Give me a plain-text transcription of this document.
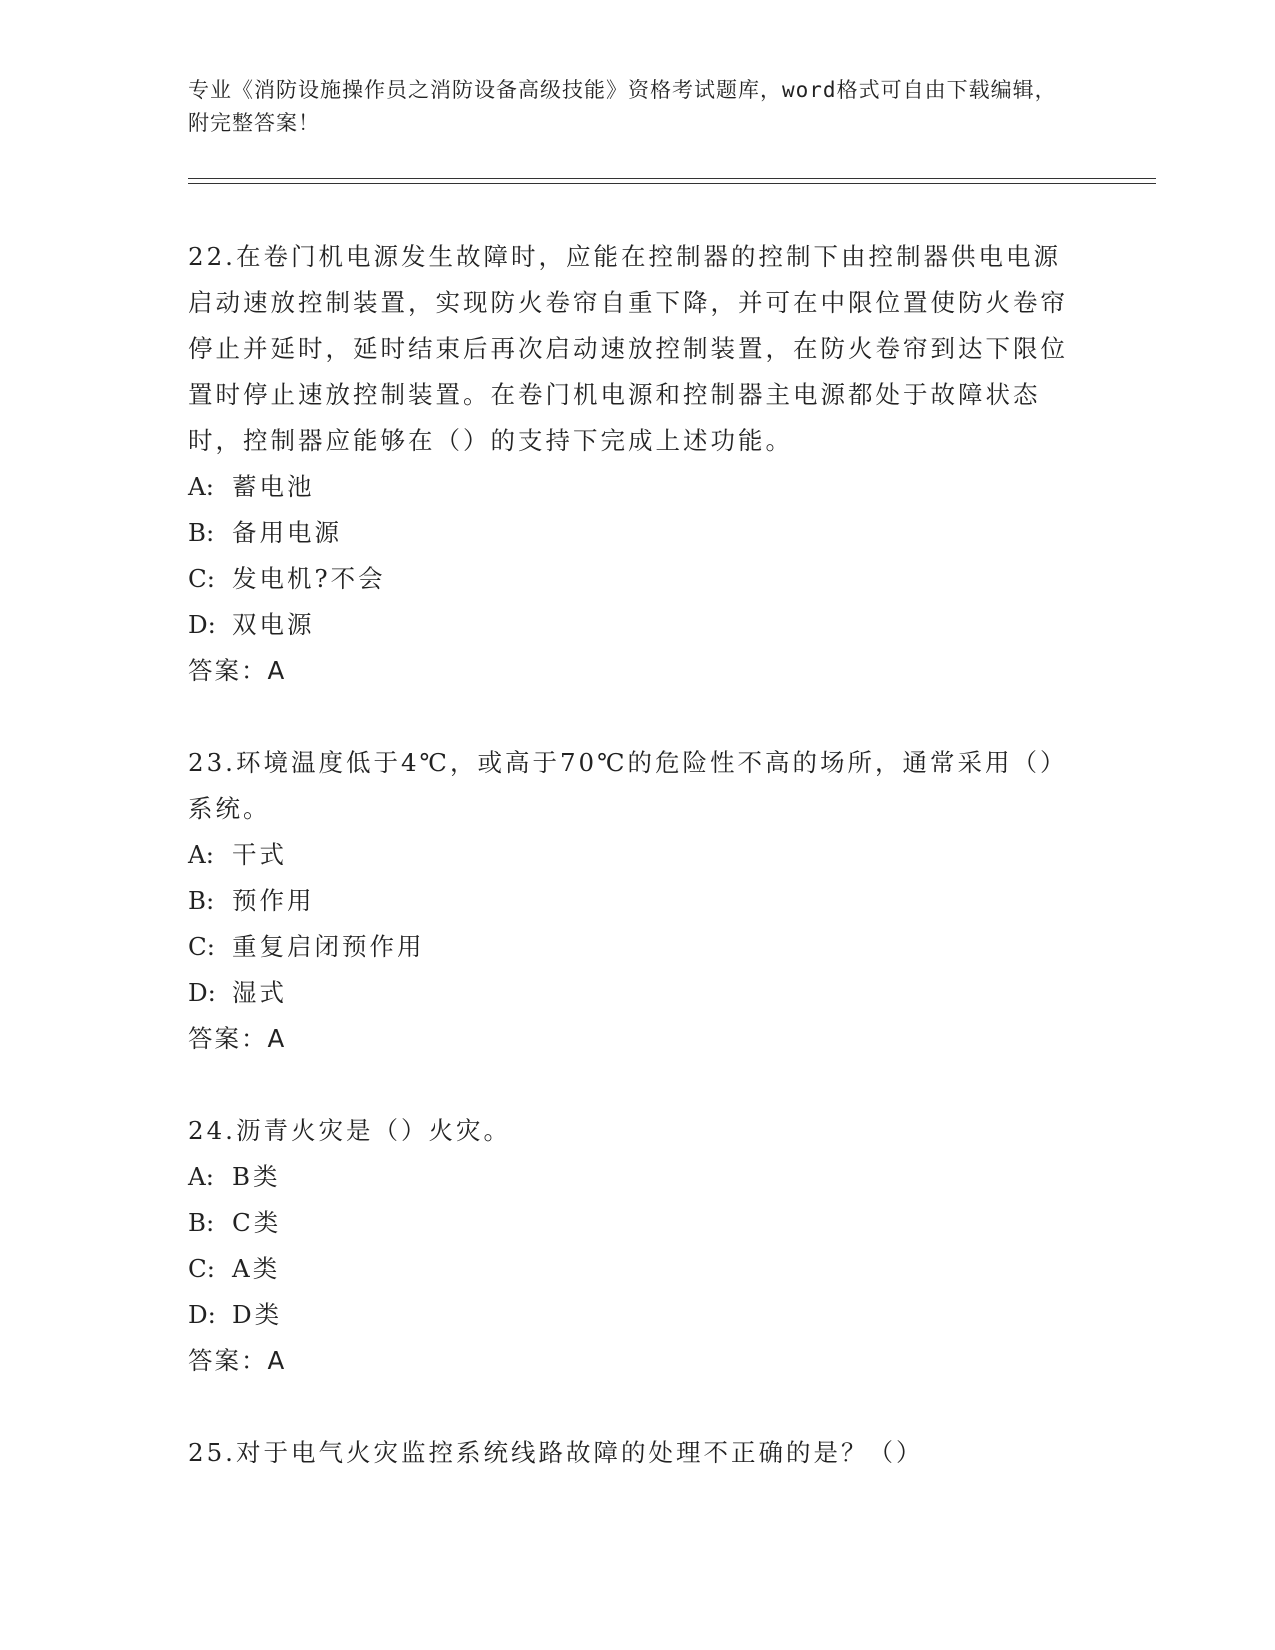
专业《消防设施操作员之消防设备高级技能》资格考试题库，word格式可自由下载编辑，附完整答案！

22.在卷门机电源发生故障时，应能在控制器的控制下由控制器供电电源启动速放控制装置，实现防火卷帘自重下降，并可在中限位置使防火卷帘停止并延时，延时结束后再次启动速放控制装置，在防火卷帘到达下限位置时停止速放控制装置。在卷门机电源和控制器主电源都处于故障状态时，控制器应能够在（）的支持下完成上述功能。

A: 蓄电池

B: 备用电源

C: 发电机?不会

D: 双电源

答案：A

23.环境温度低于4℃，或高于70℃的危险性不高的场所，通常采用（）系统。

A: 干式

B: 预作用

C: 重复启闭预作用

D: 湿式

答案：A

24.沥青火灾是（）火灾。

A: B类

B: C类

C: A类

D: D类

答案：A

25.对于电气火灾监控系统线路故障的处理不正确的是？（）
